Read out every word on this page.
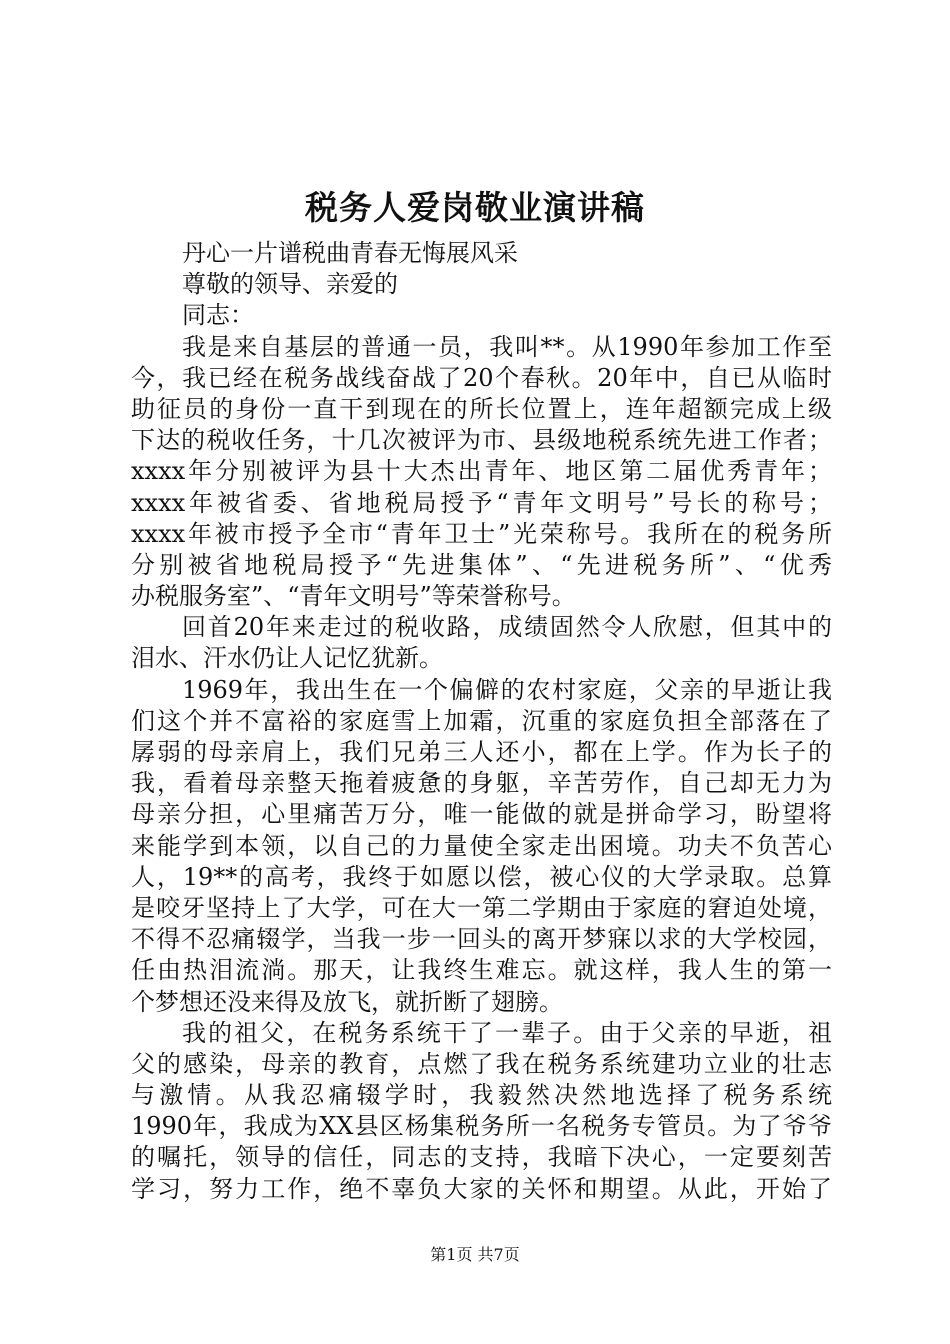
税务人爱岗敬业演讲稿
丹心一片谱税曲青春无悔展风采
尊敬的领导、亲爱的
同志：
我是来自基层的普通一员，我叫**。从1990年参加工作至
今，我已经在税务战线奋战了20个春秋。20年中，自已从临时
助征员的身份一直干到现在的所长位置上，连年超额完成上级
下达的税收任务，十几次被评为市、县级地税系统先进工作者；
xxxx年分别被评为县十大杰出青年、地区第二届优秀青年；
xxxx年被省委、省地税局授予“青年文明号”号长的称号；
xxxx年被市授予全市“青年卫士”光荣称号。我所在的税务所
分别被省地税局授予“先进集体”、“先进税务所”、“优秀
办税服务室”、“青年文明号”等荣誉称号。
回首20年来走过的税收路，成绩固然令人欣慰，但其中的
泪水、汗水仍让人记忆犹新。
1969年，我出生在一个偏僻的农村家庭，父亲的早逝让我
们这个并不富裕的家庭雪上加霜，沉重的家庭负担全部落在了
孱弱的母亲肩上，我们兄弟三人还小，都在上学。作为长子的
我，看着母亲整天拖着疲惫的身躯，辛苦劳作，自己却无力为
母亲分担，心里痛苦万分，唯一能做的就是拼命学习，盼望将
来能学到本领，以自己的力量使全家走出困境。功夫不负苦心
人，19**的高考，我终于如愿以偿，被心仪的大学录取。总算
是咬牙坚持上了大学，可在大一第二学期由于家庭的窘迫处境，
不得不忍痛辍学，当我一步一回头的离开梦寐以求的大学校园，
任由热泪流淌。那天，让我终生难忘。就这样，我人生的第一
个梦想还没来得及放飞，就折断了翅膀。
我的祖父，在税务系统干了一辈子。由于父亲的早逝，祖
父的感染，母亲的教育，点燃了我在税务系统建功立业的壮志
与激情。从我忍痛辍学时，我毅然决然地选择了税务系统
1990年，我成为XX县区杨集税务所一名税务专管员。为了爷爷
的嘱托，领导的信任，同志的支持，我暗下决心，一定要刻苦
学习，努力工作，绝不辜负大家的关怀和期望。从此，开始了
第1页 共7页
